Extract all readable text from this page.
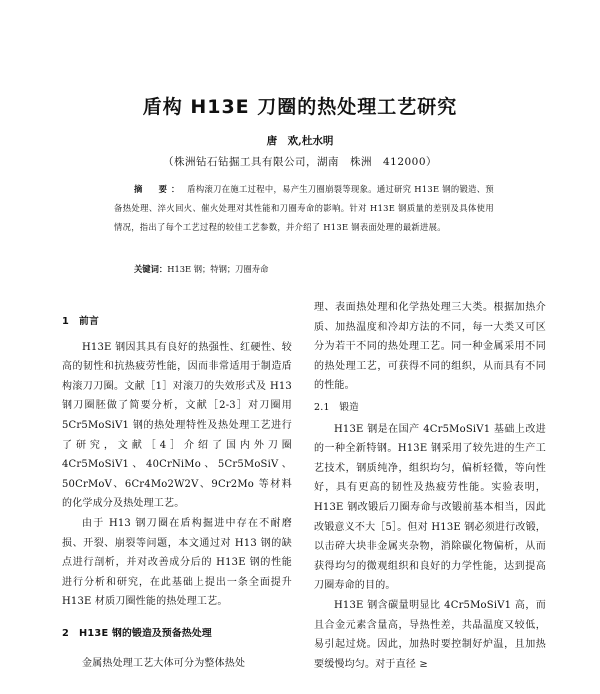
盾构 H13E 刀圈的热处理工艺研究
唐　欢,杜水明
（株洲钻石钻掘工具有限公司，湖南　株洲　412000）
摘　要： 盾构滚刀在施工过程中，易产生刀圈崩裂等现象。通过研究 H13E 钢的锻造、预备热处理、淬火回火、催火处理对其性能和刀圈寿命的影响。针对 H13E 钢质量的差别及具体使用情况，指出了每个工艺过程的较佳工艺参数，并介绍了 H13E 钢表面处理的最新进展。
关键词：H13E 钢；特钢；刀圈寿命
1　前言

H13E 钢因其具有良好的热强性、红硬性、较高的韧性和抗热疲劳性能，因而非常适用于制造盾构滚刀刀圈。文献［1］对滚刀的失效形式及 H13 钢刀圈胚做了简要分析，文献［2-3］对刀圈用 5Cr5MoSiV1 钢的热处理特性及热处理工艺进行了研究，文献［4］介绍了国内外刀圈 4Cr5MoSiV1、40CrNiMo、5Cr5MoSiV、50CrMoV、6Cr4Mo2W2V、9Cr2Mo 等材料的化学成分及热处理工艺。

由于 H13 钢刀圈在盾构掘进中存在不耐磨损、开裂、崩裂等问题，本文通过对 H13 钢的缺点进行剖析，并对改善成分后的 H13E 钢的性能进行分析和研究，在此基础上提出一条全面提升 H13E 材质刀圈性能的热处理工艺。

2　H13E 钢的锻造及预备热处理

金属热处理工艺大体可分为整体热处

理、表面热处理和化学热处理三大类。根据加热介质、加热温度和冷却方法的不同，每一大类又可区分为若干不同的热处理工艺。同一种金属采用不同的热处理工艺，可获得不同的组织，从而具有不同的性能。

2.1　锻造

H13E 钢是在国产 4Cr5MoSiV1 基础上改进的一种全新特钢。H13E 钢采用了较先进的生产工艺技术，钢质纯净，组织均匀，偏析轻微，等向性好，具有更高的韧性及热疲劳性能。实验表明，H13E 钢改锻后刀圈寿命与改锻前基本相当，因此改锻意义不大［5］。但对 H13E 钢必须进行改锻，以击碎大块非金属夹杂物，消除碳化物偏析，从而获得均匀的微观组织和良好的力学性能，达到提高刀圈寿命的目的。

H13E 钢含碳量明显比 4Cr5MoSiV1 高，而且合金元素含量高，导热性差，共晶温度又较低，易引起过烧。因此，加热时要控制好炉温，且加热要缓慢均匀。对于直径 ≥
